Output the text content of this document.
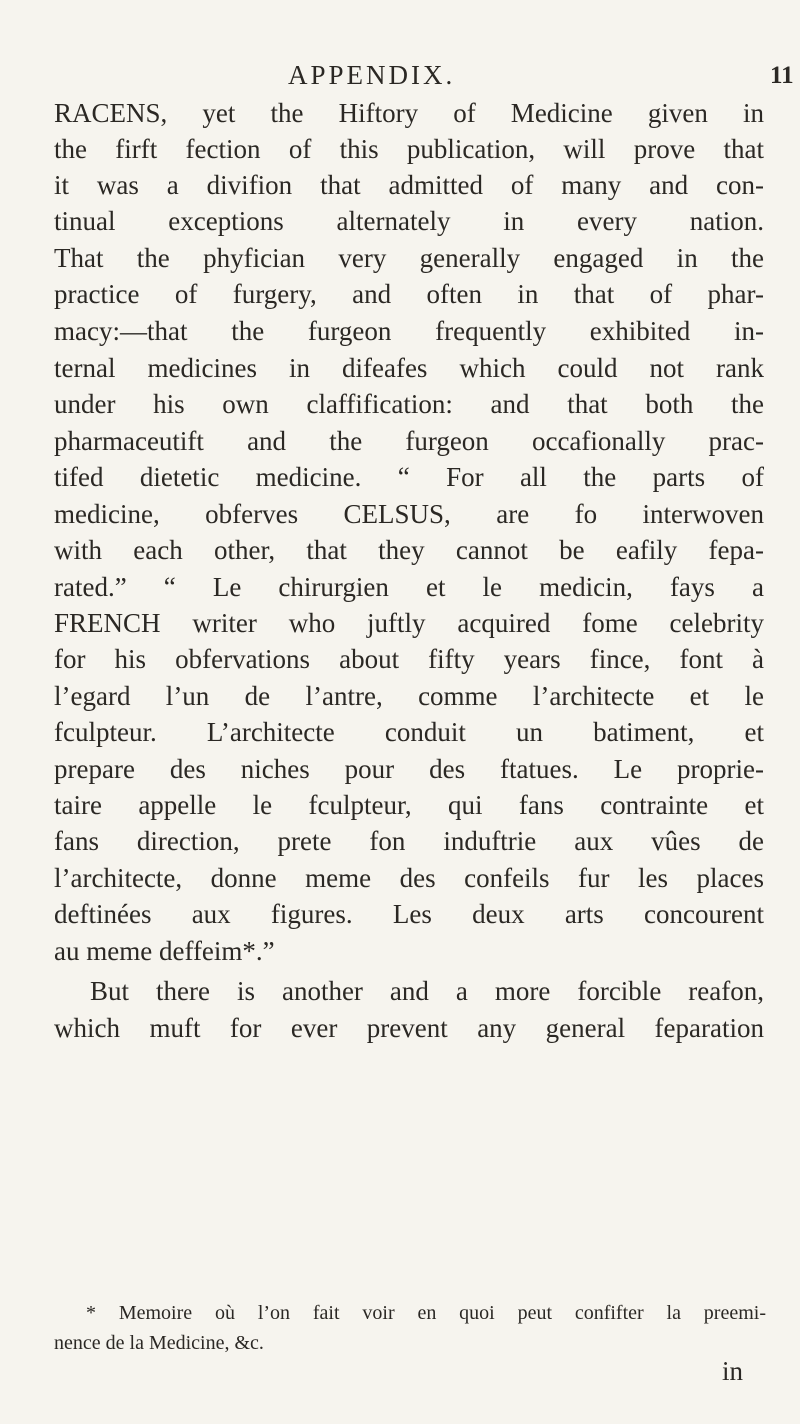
APPENDIX.	11
RACENS, yet the Hiftory of Medicine given in
the firft fection of this publication, will prove that
it was a divifion that admitted of many and con-
tinual exceptions alternately in every nation.
That the phyfician very generally engaged in the
practice of furgery, and often in that of phar-
macy:—that the furgeon frequently exhibited in-
ternal medicines in difeafes which could not rank
under his own claffification: and that both the
pharmaceutift and the furgeon occafionally prac-
tifed dietetic medicine. “ For all the parts of
medicine, obferves CELSUS, are fo interwoven
with each other, that they cannot be eafily fepa-
rated.” “ Le chirurgien et le medicin, fays a
FRENCH writer who juftly acquired fome celebrity
for his obfervations about fifty years fince, font à
l’egard l’un de l’antre, comme l’architecte et le
fculpteur. L’architecte conduit un batiment, et
prepare des niches pour des ftatues. Le proprie-
taire appelle le fculpteur, qui fans contrainte et
fans direction, prete fon induftrie aux vûes de
l’architecte, donne meme des confeils fur les places
deftinées aux figures. Les deux arts concourent
au meme deffeim*.”
But there is another and a more forcible reafon,
which muft for ever prevent any general feparation
* Memoire où l’on fait voir en quoi peut confifter la preemi-
nence de la Medicine, &c.
in
